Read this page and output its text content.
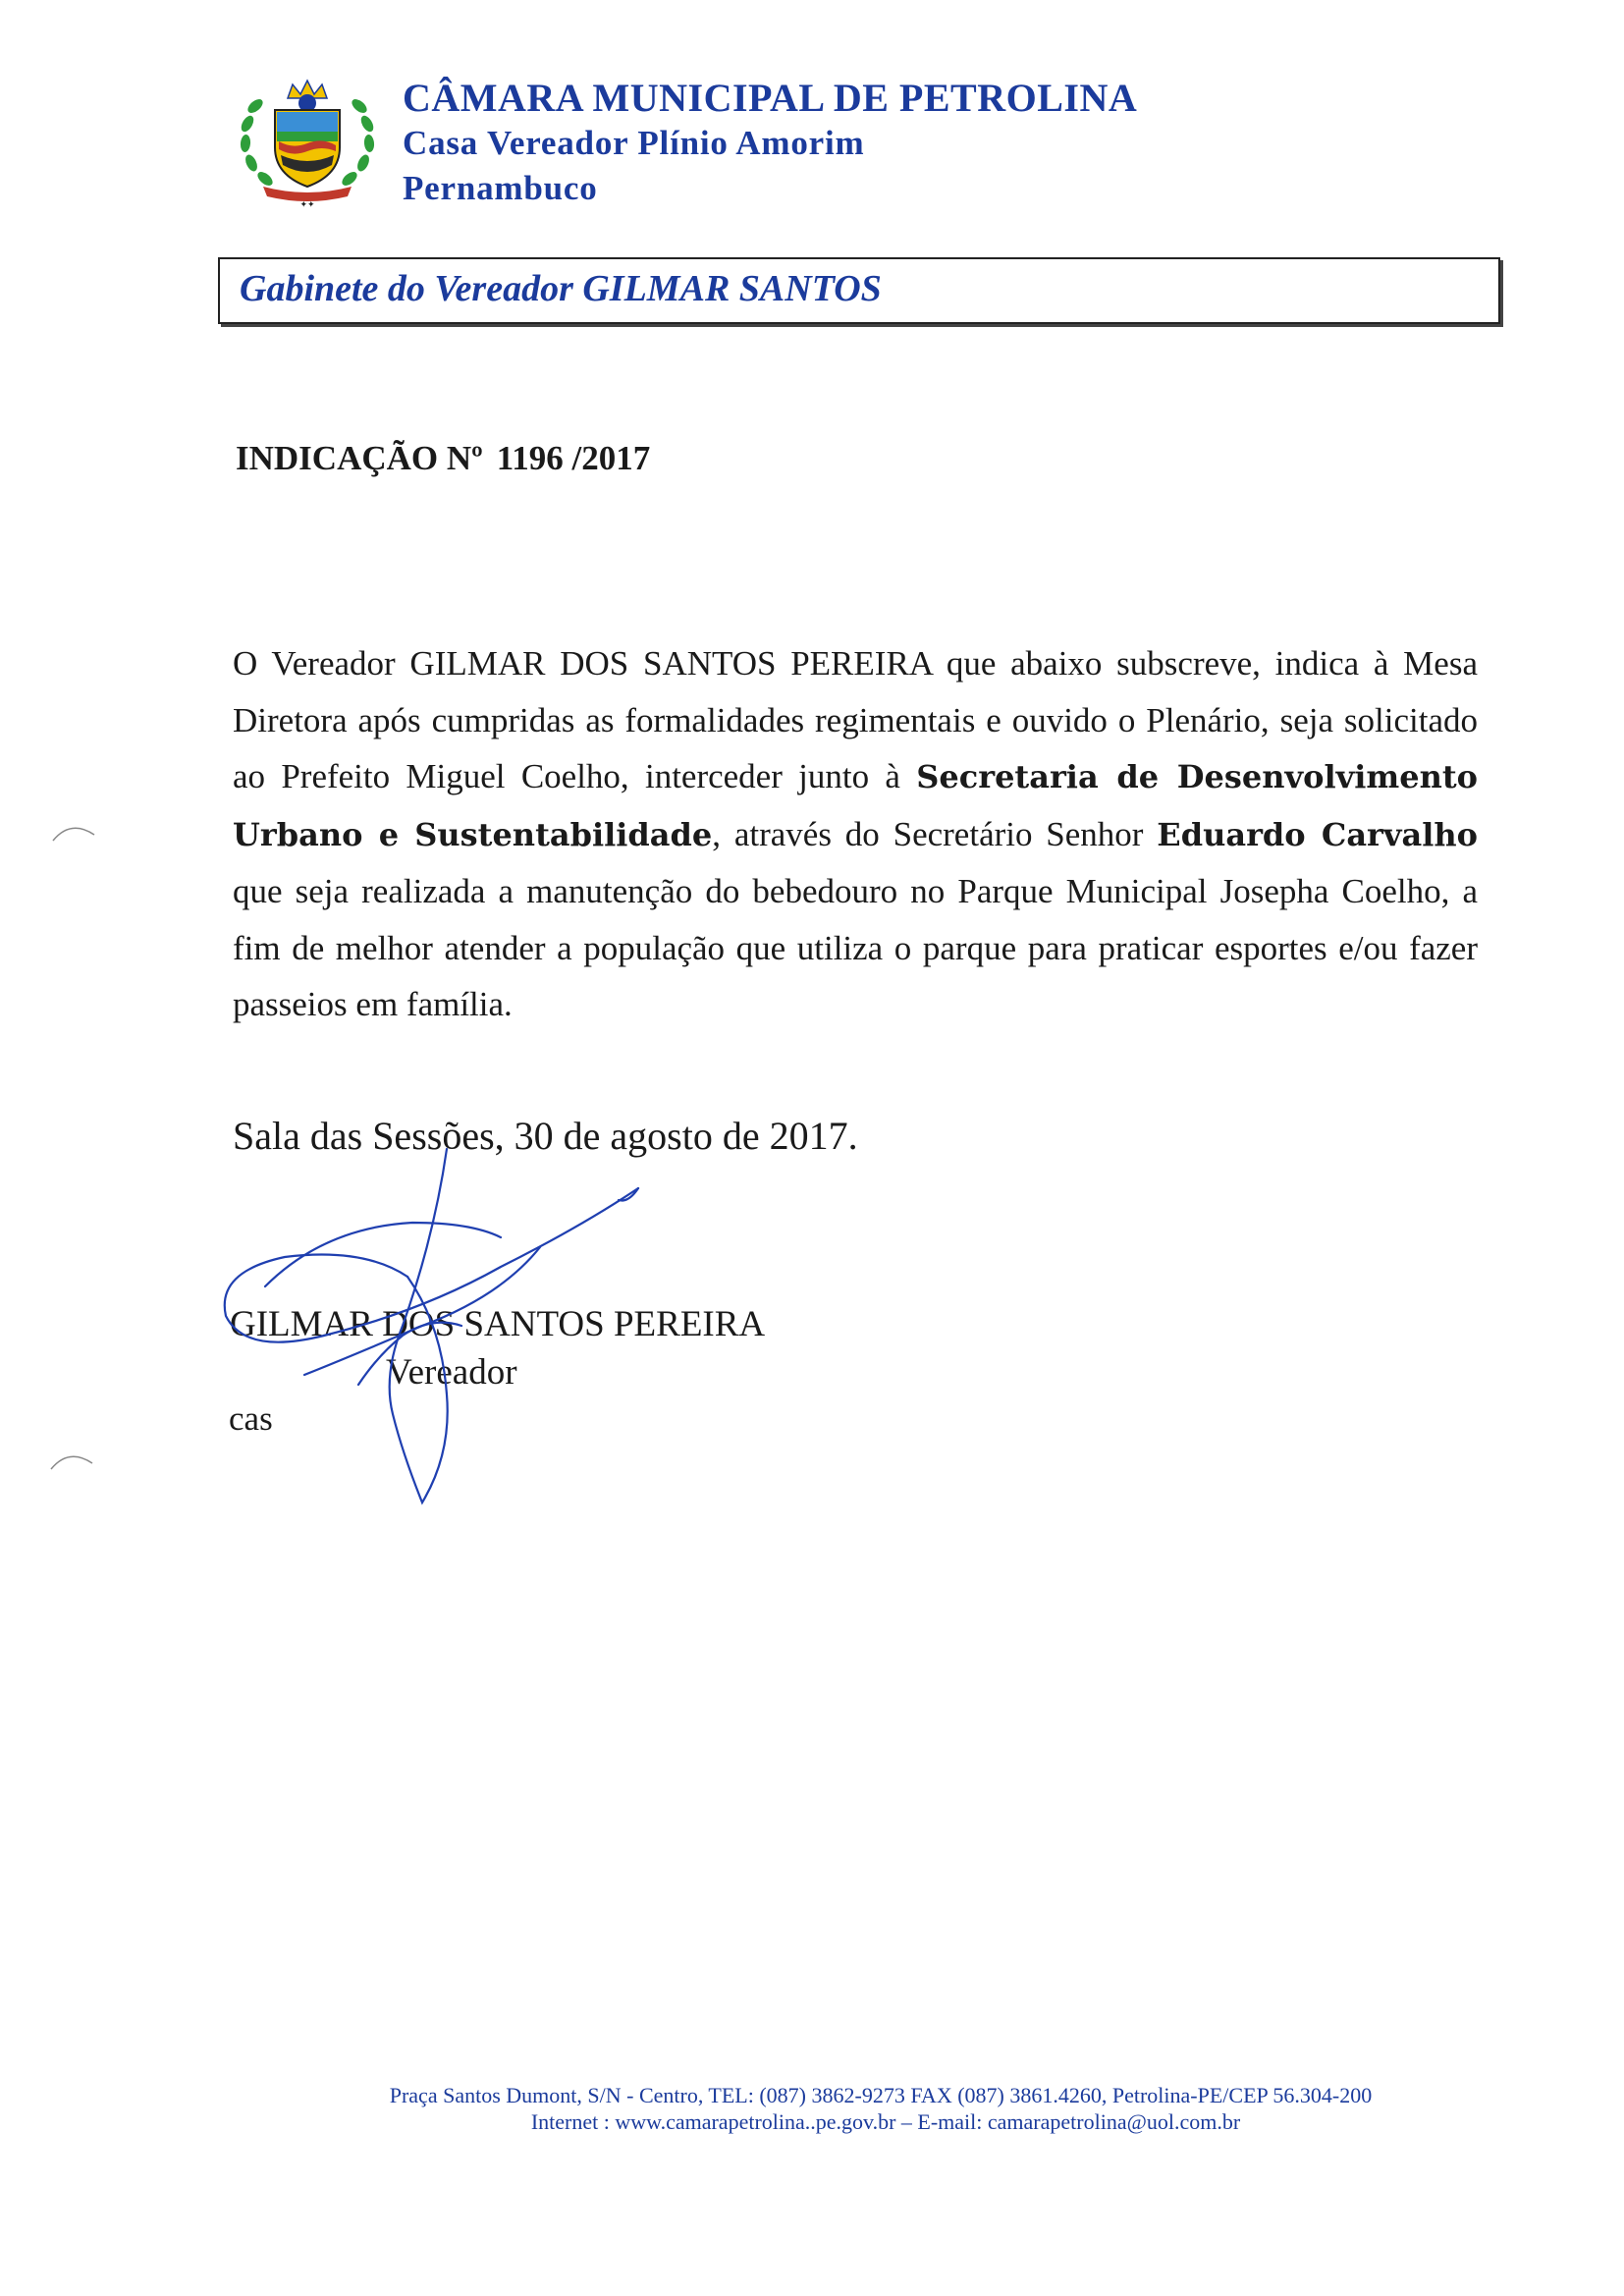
✦✦
CÂMARA MUNICIPAL DE PETROLINA
Casa Vereador Plínio Amorim
Pernambuco
Gabinete do Vereador GILMAR SANTOS
INDICAÇÃO Nº 1196 /2017
O Vereador GILMAR DOS SANTOS PEREIRA que abaixo subscreve, indica à Mesa Diretora após cumpridas as formalidades regimentais e ouvido o Plenário, seja solicitado ao Prefeito Miguel Coelho, interceder junto à Secretaria de Desenvolvimento Urbano e Sustentabilidade, através do Secretário Senhor Eduardo Carvalho que seja realizada a manutenção do bebedouro no Parque Municipal Josepha Coelho, a fim de melhor atender a população que utiliza o parque para praticar esportes e/ou fazer passeios em família.
Sala das Sessões, 30 de agosto de 2017.
GILMAR DOS SANTOS PEREIRA
Vereador
cas
Praça Santos Dumont, S/N - Centro, TEL: (087) 3862-9273 FAX (087) 3861.4260, Petrolina-PE/CEP 56.304-200
Internet : www.camarapetrolina..pe.gov.br – E-mail: camarapetrolina@uol.com.br
